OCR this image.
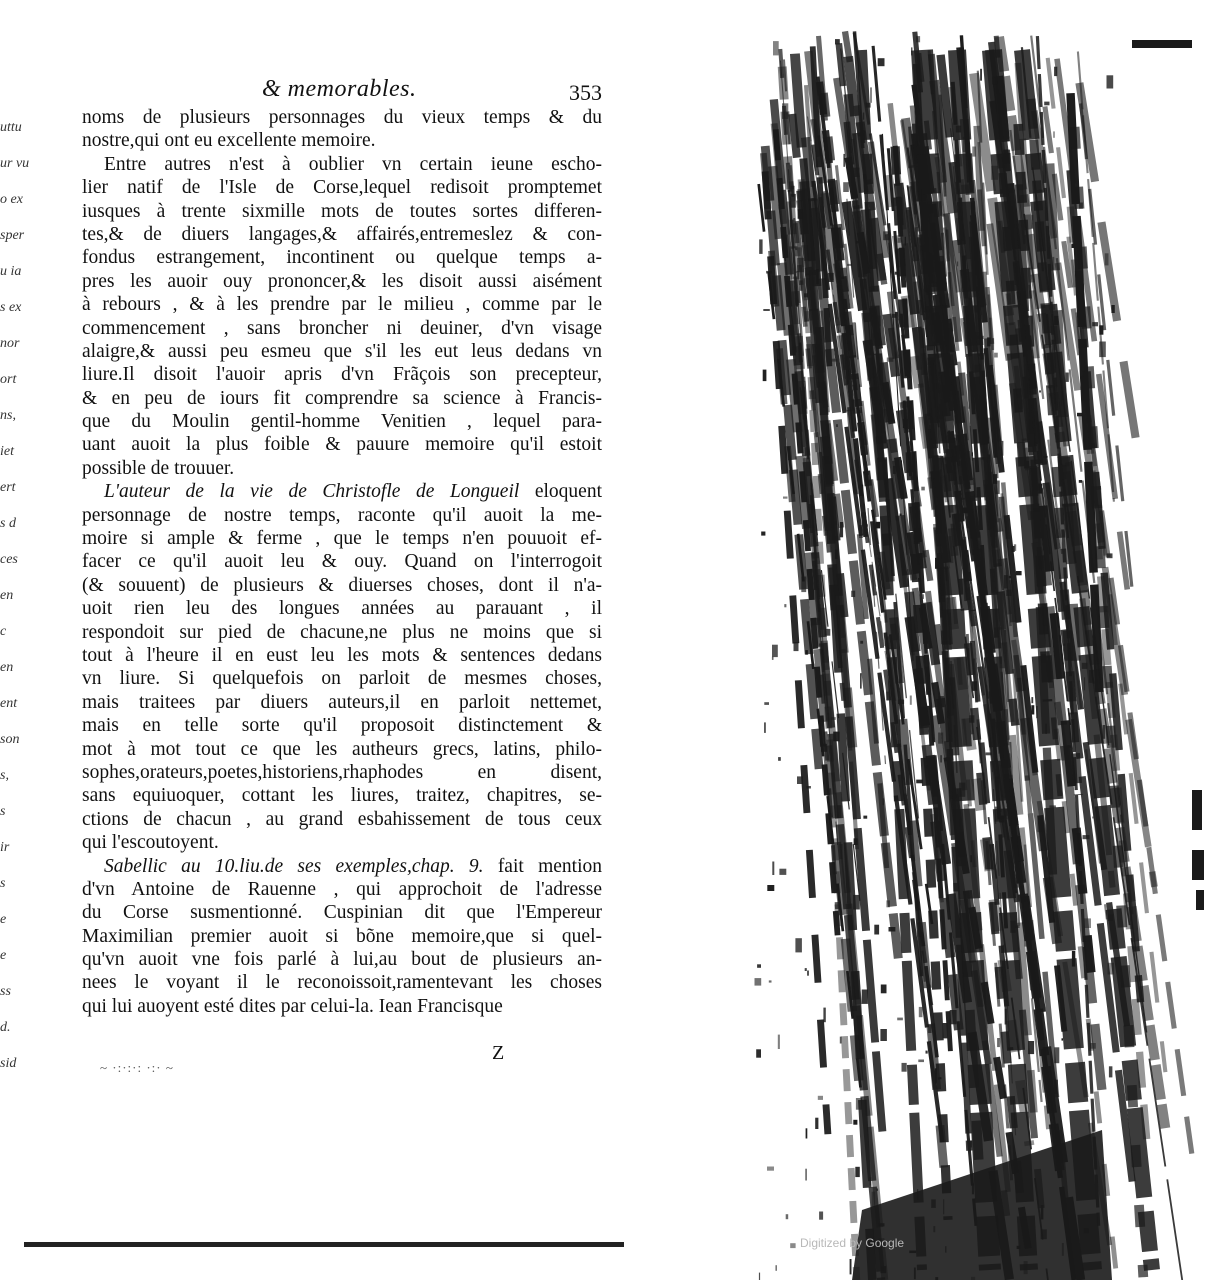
uttu
ur vu
o ex
sper
u ia
s ex
nor
ort
ns,
iet
ert
s d
ces
en
c
en
ent
son
s,
s
ir
s
e
e
ss
d.
sid
& memorables.	353
noms de plusieurs personnages du vieux temps & du
nostre,qui ont eu excellente memoire.
Entre autres n'est à oublier vn certain ieune escho-
lier natif de l'Isle de Corse,lequel redisoit promptemet
iusques à trente sixmille mots de toutes sortes differen-
tes,& de diuers langages,& affairés,entremeslez & con-
fondus estrangement, incontinent ou quelque temps a-
pres les auoir ouy prononcer,& les disoit aussi aisément
à rebours , & à les prendre par le milieu , comme par le
commencement , sans broncher ni deuiner, d'vn visage
alaigre,& aussi peu esmeu que s'il les eut leus dedans vn
liure.Il disoit l'auoir apris d'vn Frãçois son precepteur,
& en peu de iours fit comprendre sa science à Francis-
que du Moulin gentil-homme Venitien , lequel para-
uant auoit la plus foible & pauure memoire qu'il estoit
possible de trouuer.
L'auteur de la vie de Christofle de Longueil eloquent
personnage de nostre temps, raconte qu'il auoit la me-
moire si ample & ferme , que le temps n'en pouuoit ef-
facer ce qu'il auoit leu & ouy. Quand on l'interrogoit
(& souuent) de plusieurs & diuerses choses, dont il n'a-
uoit rien leu des longues années au parauant , il
respondoit sur pied de chacune,ne plus ne moins que si
tout à l'heure il en eust leu les mots & sentences dedans
vn liure. Si quelquefois on parloit de mesmes choses,
mais traitees par diuers auteurs,il en parloit nettemet,
mais en telle sorte qu'il proposoit distinctement &
mot à mot tout ce que les autheurs grecs, latins, philo-
sophes,orateurs,poetes,historiens,rhaphodes en disent,
sans equiuoquer, cottant les liures, traitez, chapitres, se-
ctions de chacun , au grand esbahissement de tous ceux
qui l'escoutoyent.
Sabellic au 10.liu.de ses exemples,chap. 9. fait mention
d'vn Antoine de Rauenne , qui approchoit de l'adresse
du Corse susmentionné. Cuspinian dit que l'Empereur
Maximilian premier auoit si bõne memoire,que si quel-
qu'vn auoit vne fois parlé à lui,au bout de plusieurs an-
nees le voyant il le reconoissoit,ramentevant les choses
qui lui auoyent esté dites par celui-la. Iean Francisque
~ ·:·:·: ·:· ~
Z
Digitized by Google
